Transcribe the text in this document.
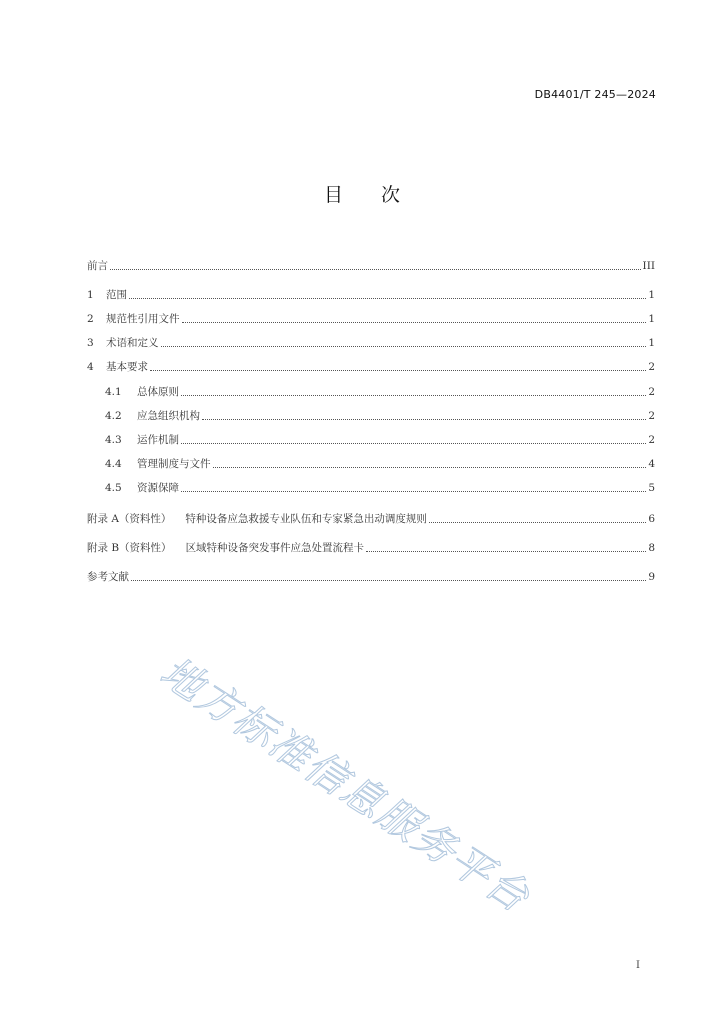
DB4401/T 245—2024
目 次
前言	III
1	范围	1
2	规范性引用文件	1
3	术语和定义	1
4	基本要求	2
4.1	总体原则	2
4.2	应急组织机构	2
4.3	运作机制	2
4.4	管理制度与文件	4
4.5	资源保障	5
附录 A（资料性） 特种设备应急救援专业队伍和专家紧急出动调度规则	6
附录 B（资料性） 区域特种设备突发事件应急处置流程卡	8
参考文献	9
地方标准信息服务平台
I
